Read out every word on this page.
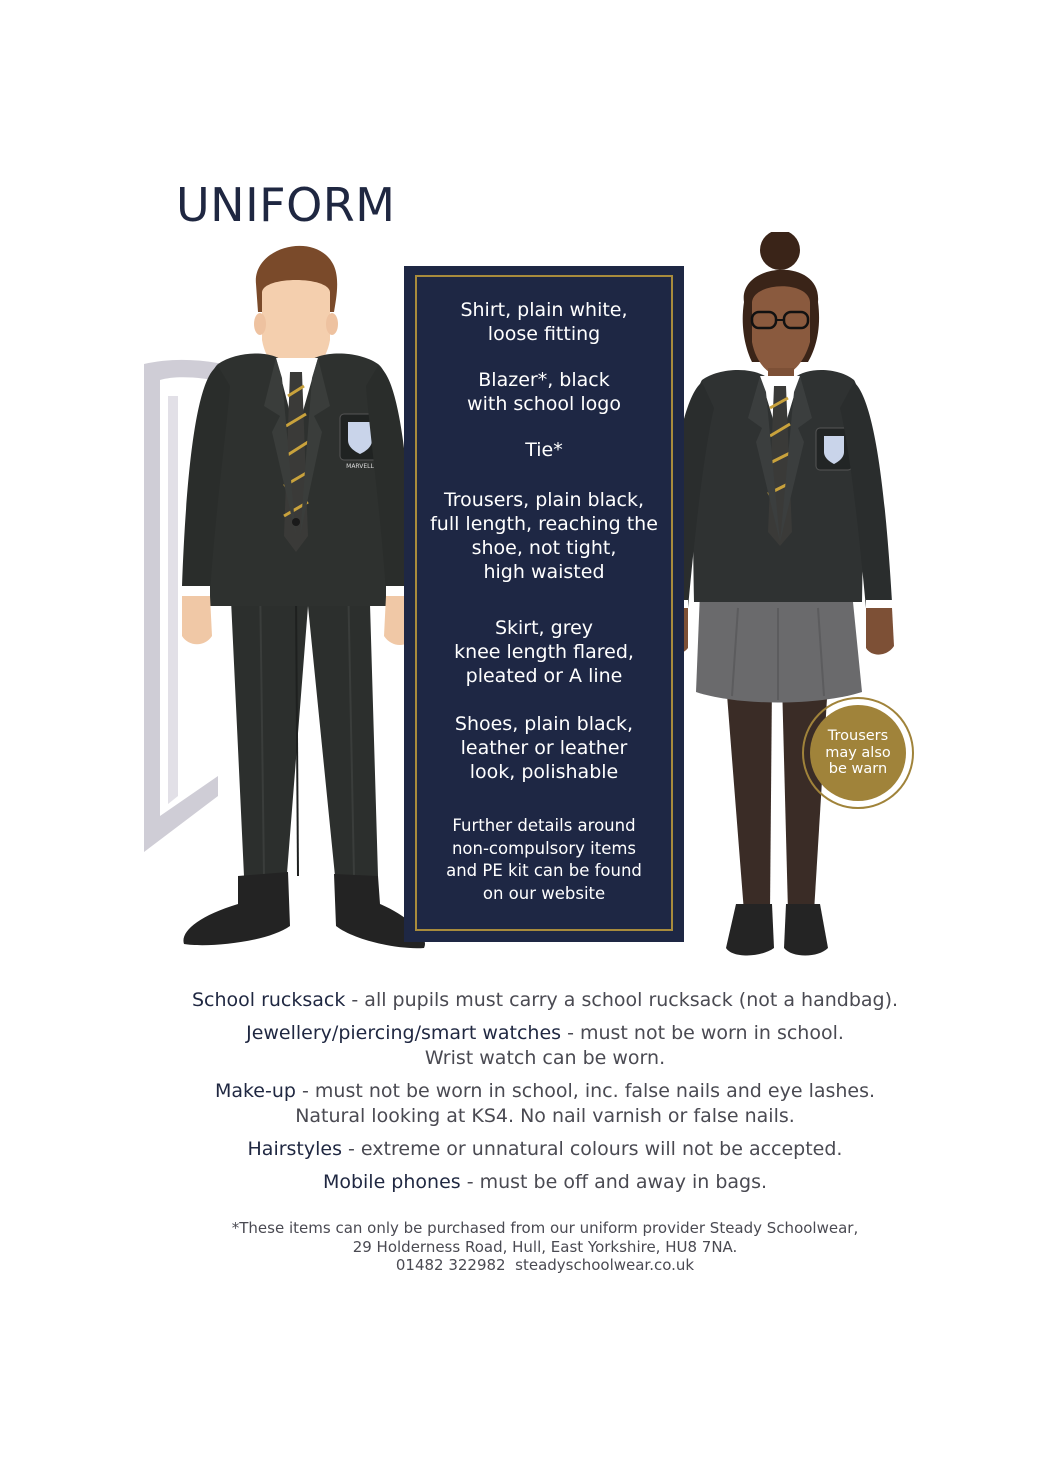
UNIFORM
MARVELL
Shirt, plain white,
loose fitting
Blazer*, black
with school logo
Tie*
Trousers, plain black,
full length, reaching the
shoe, not tight,
high waisted
Skirt, grey
knee length flared,
pleated or A line
Shoes, plain black,
leather or leather
look, polishable
Further details around
non-compulsory items
and PE kit can be found
on our website
Trousers
may also
be warn
School rucksack - all pupils must carry a school rucksack (not a handbag).
Jewellery/piercing/smart watches - must not be worn in school.
Wrist watch can be worn.
Make-up - must not be worn in school, inc. false nails and eye lashes.
Natural looking at KS4. No nail varnish or false nails.
Hairstyles - extreme or unnatural colours will not be accepted.
Mobile phones - must be off and away in bags.
*These items can only be purchased from our uniform provider Steady Schoolwear,
29 Holderness Road, Hull, East Yorkshire, HU8 7NA.
01482 322982  steadyschoolwear.co.uk
